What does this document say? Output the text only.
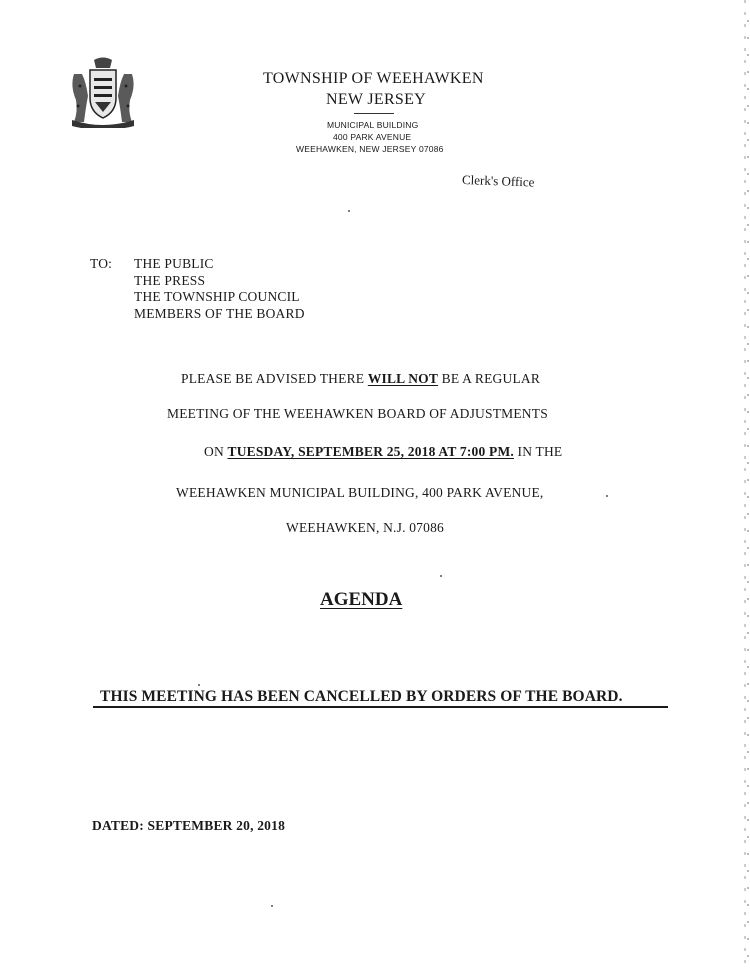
TOWNSHIP OF WEEHAWKEN
NEW JERSEY
MUNICIPAL BUILDING
400 PARK AVENUE
WEEHAWKEN, NEW JERSEY 07086
Clerk's Office
TO: THE PUBLIC
THE PRESS
THE TOWNSHIP COUNCIL
MEMBERS OF THE BOARD
PLEASE BE ADVISED THERE WILL NOT BE A REGULAR
MEETING OF THE WEEHAWKEN BOARD OF ADJUSTMENTS
ON TUESDAY, SEPTEMBER 25, 2018 AT 7:00 PM. IN THE
WEEHAWKEN MUNICIPAL BUILDING, 400 PARK AVENUE,
WEEHAWKEN, N.J. 07086
AGENDA
THIS MEETING HAS BEEN CANCELLED BY ORDERS OF THE BOARD.
DATED: SEPTEMBER 20, 2018
